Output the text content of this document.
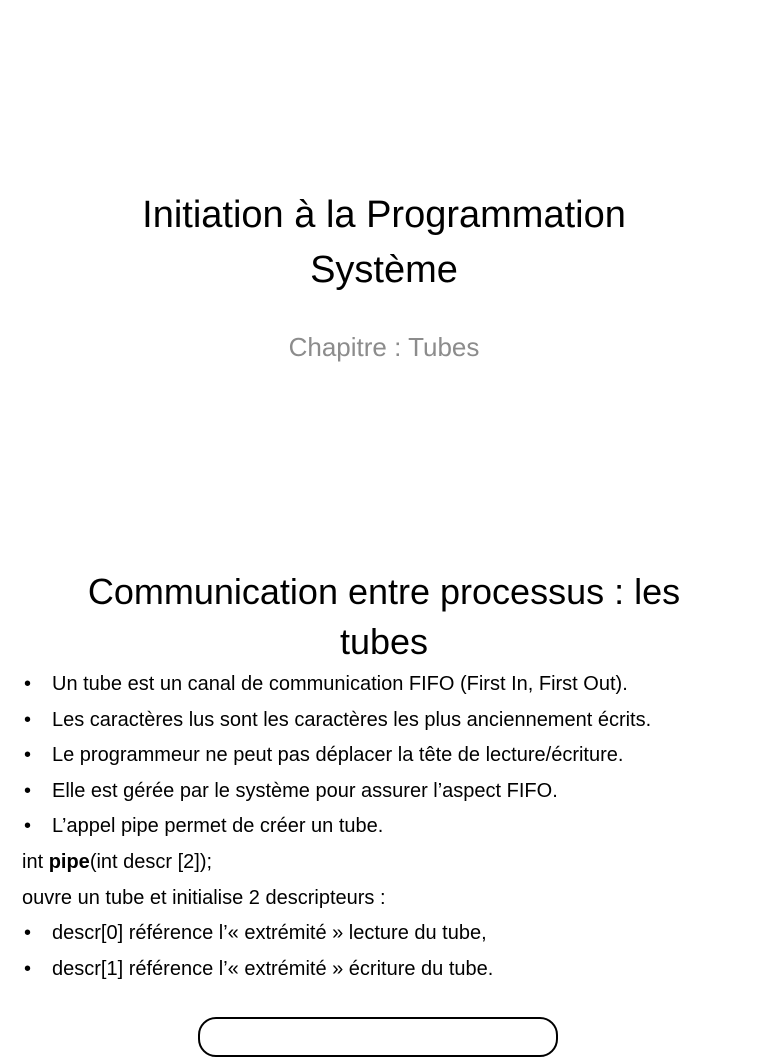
Initiation à la Programmation
Système

Chapitre : Tubes

Communication entre processus : les
tubes
• Un tube est un canal de communication FIFO (First In, First Out).
• Les caractères lus sont les caractères les plus anciennement écrits.
• Le programmeur ne peut pas déplacer la tête de lecture/écriture.
• Elle est gérée par le système pour assurer l’aspect FIFO.
• L’appel pipe permet de créer un tube.
int pipe(int descr [2]);
ouvre un tube et initialise 2 descripteurs :
• descr[0] référence l’« extrémité » lecture du tube,
• descr[1] référence l’« extrémité » écriture du tube.
